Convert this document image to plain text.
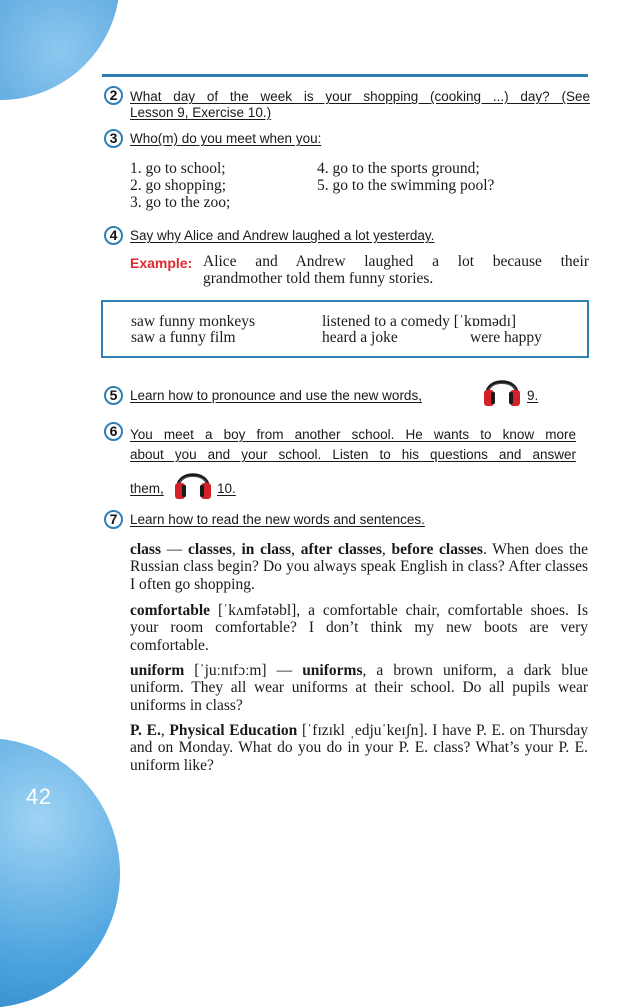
42
2 What day of the week is your shopping (cooking ...) day? (See
Lesson 9, Exercise 10.)
3 Who(m) do you meet when you:
1. go to school;
2. go shopping;
3. go to the zoo;
4. go to the sports ground;
5. go to the swimming pool?
4 Say why Alice and Andrew laughed a lot yesterday.
Example: Alice and Andrew laughed a lot because their
grandmother told them funny stories.
saw funny monkeys	listened to a comedy [ˈkɒmədɪ]
saw a funny film	heard a joke	were happy
5 Learn how to pronounce and use the new words,	9.
6 You meet a boy from another school. He wants to know more
about you and your school. Listen to his questions and answer
them,	10.
7 Learn how to read the new words and sentences.
class — classes, in class, after classes, before classes. When does the Russian class begin? Do you always speak English in class? After classes I often go shopping.
comfortable [ˈkʌmfətəbl], a comfortable chair, comfortable shoes. Is your room comfortable? I don’t think my new boots are very comfortable.
uniform [ˈjuːnɪfɔːm] — uniforms, a brown uniform, a dark blue uniform. They all wear uniforms at their school. Do all pupils wear uniforms in class?
P. E., Physical Education [ˈfɪzɪkl ˌedjuˈkeɪʃn]. I have P. E. on Thursday and on Monday. What do you do in your P. E. class? What’s your P. E. uniform like?
